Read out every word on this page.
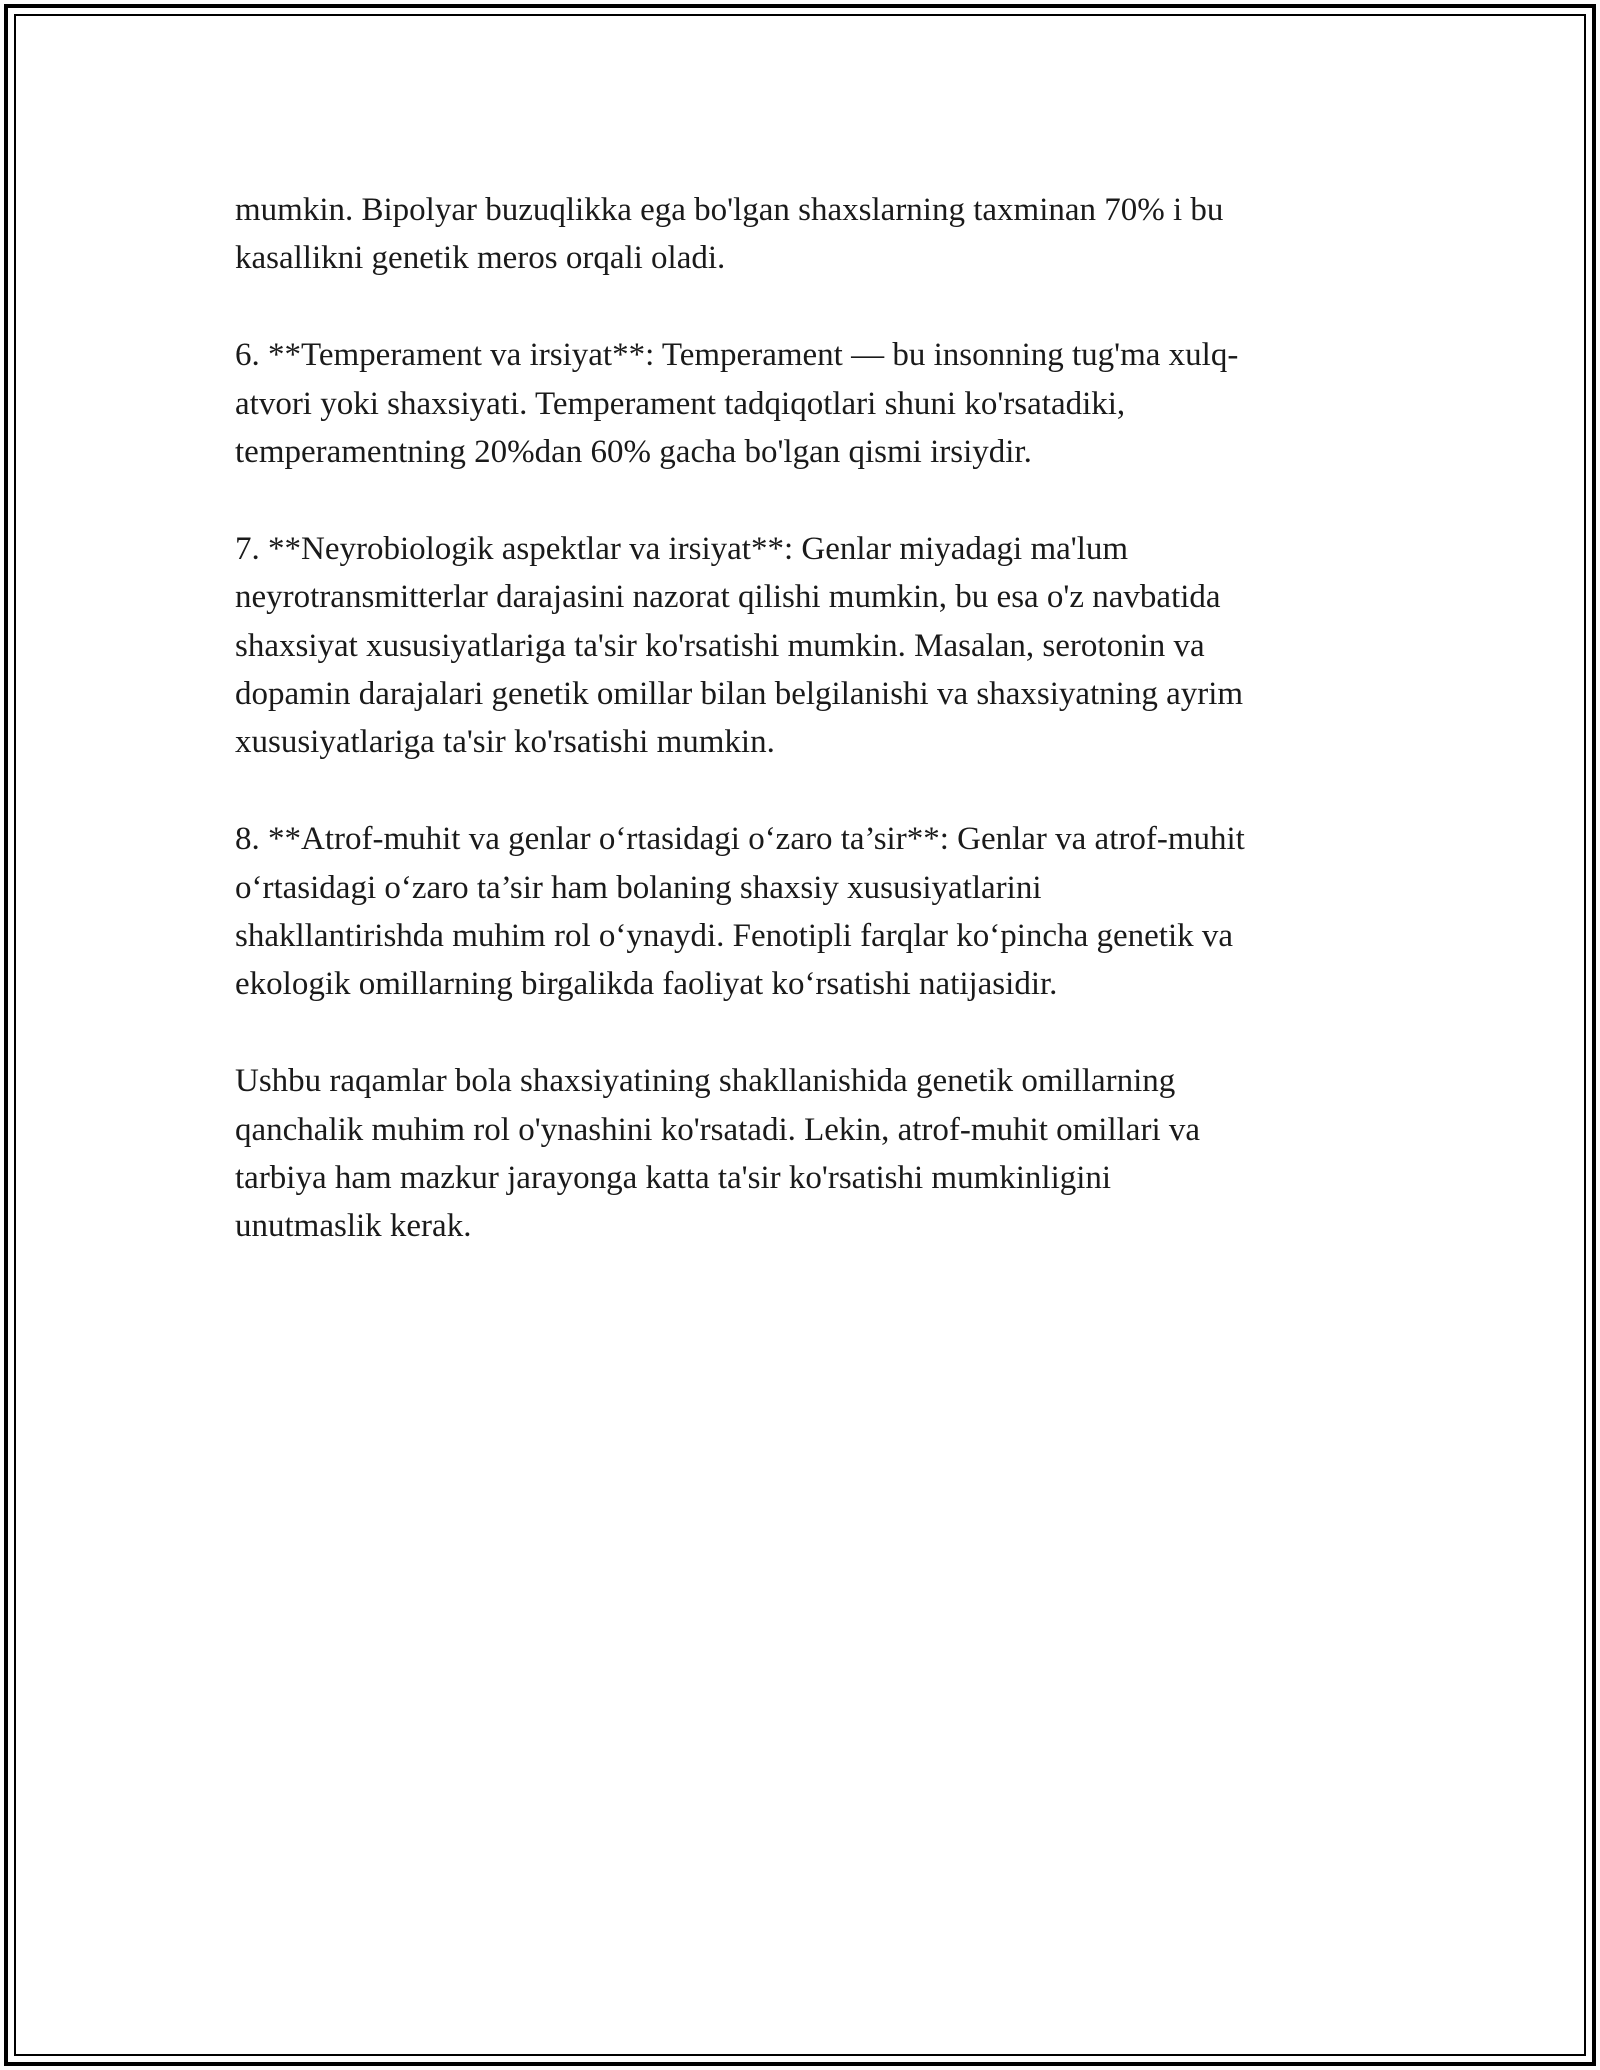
mumkin. Bipolyar buzuqlikka ega bo'lgan shaxslarning taxminan 70% i bu
kasallikni genetik meros orqali oladi.

6. **Temperament va irsiyat**: Temperament — bu insonning tug'ma xulq-
atvori yoki shaxsiyati. Temperament tadqiqotlari shuni ko'rsatadiki,
temperamentning 20%dan 60% gacha bo'lgan qismi irsiydir.

7. **Neyrobiologik aspektlar va irsiyat**: Genlar miyadagi ma'lum
neyrotransmitterlar darajasini nazorat qilishi mumkin, bu esa o'z navbatida
shaxsiyat xususiyatlariga ta'sir ko'rsatishi mumkin. Masalan, serotonin va
dopamin darajalari genetik omillar bilan belgilanishi va shaxsiyatning ayrim
xususiyatlariga ta'sir ko'rsatishi mumkin.

8. **Atrof-muhit va genlar o‘rtasidagi o‘zaro ta’sir**: Genlar va atrof-muhit
o‘rtasidagi o‘zaro ta’sir ham bolaning shaxsiy xususiyatlarini
shakllantirishda muhim rol o‘ynaydi. Fenotipli farqlar ko‘pincha genetik va
ekologik omillarning birgalikda faoliyat ko‘rsatishi natijasidir.

Ushbu raqamlar bola shaxsiyatining shakllanishida genetik omillarning
qanchalik muhim rol o'ynashini ko'rsatadi. Lekin, atrof-muhit omillari va
tarbiya ham mazkur jarayonga katta ta'sir ko'rsatishi mumkinligini
unutmaslik kerak.
